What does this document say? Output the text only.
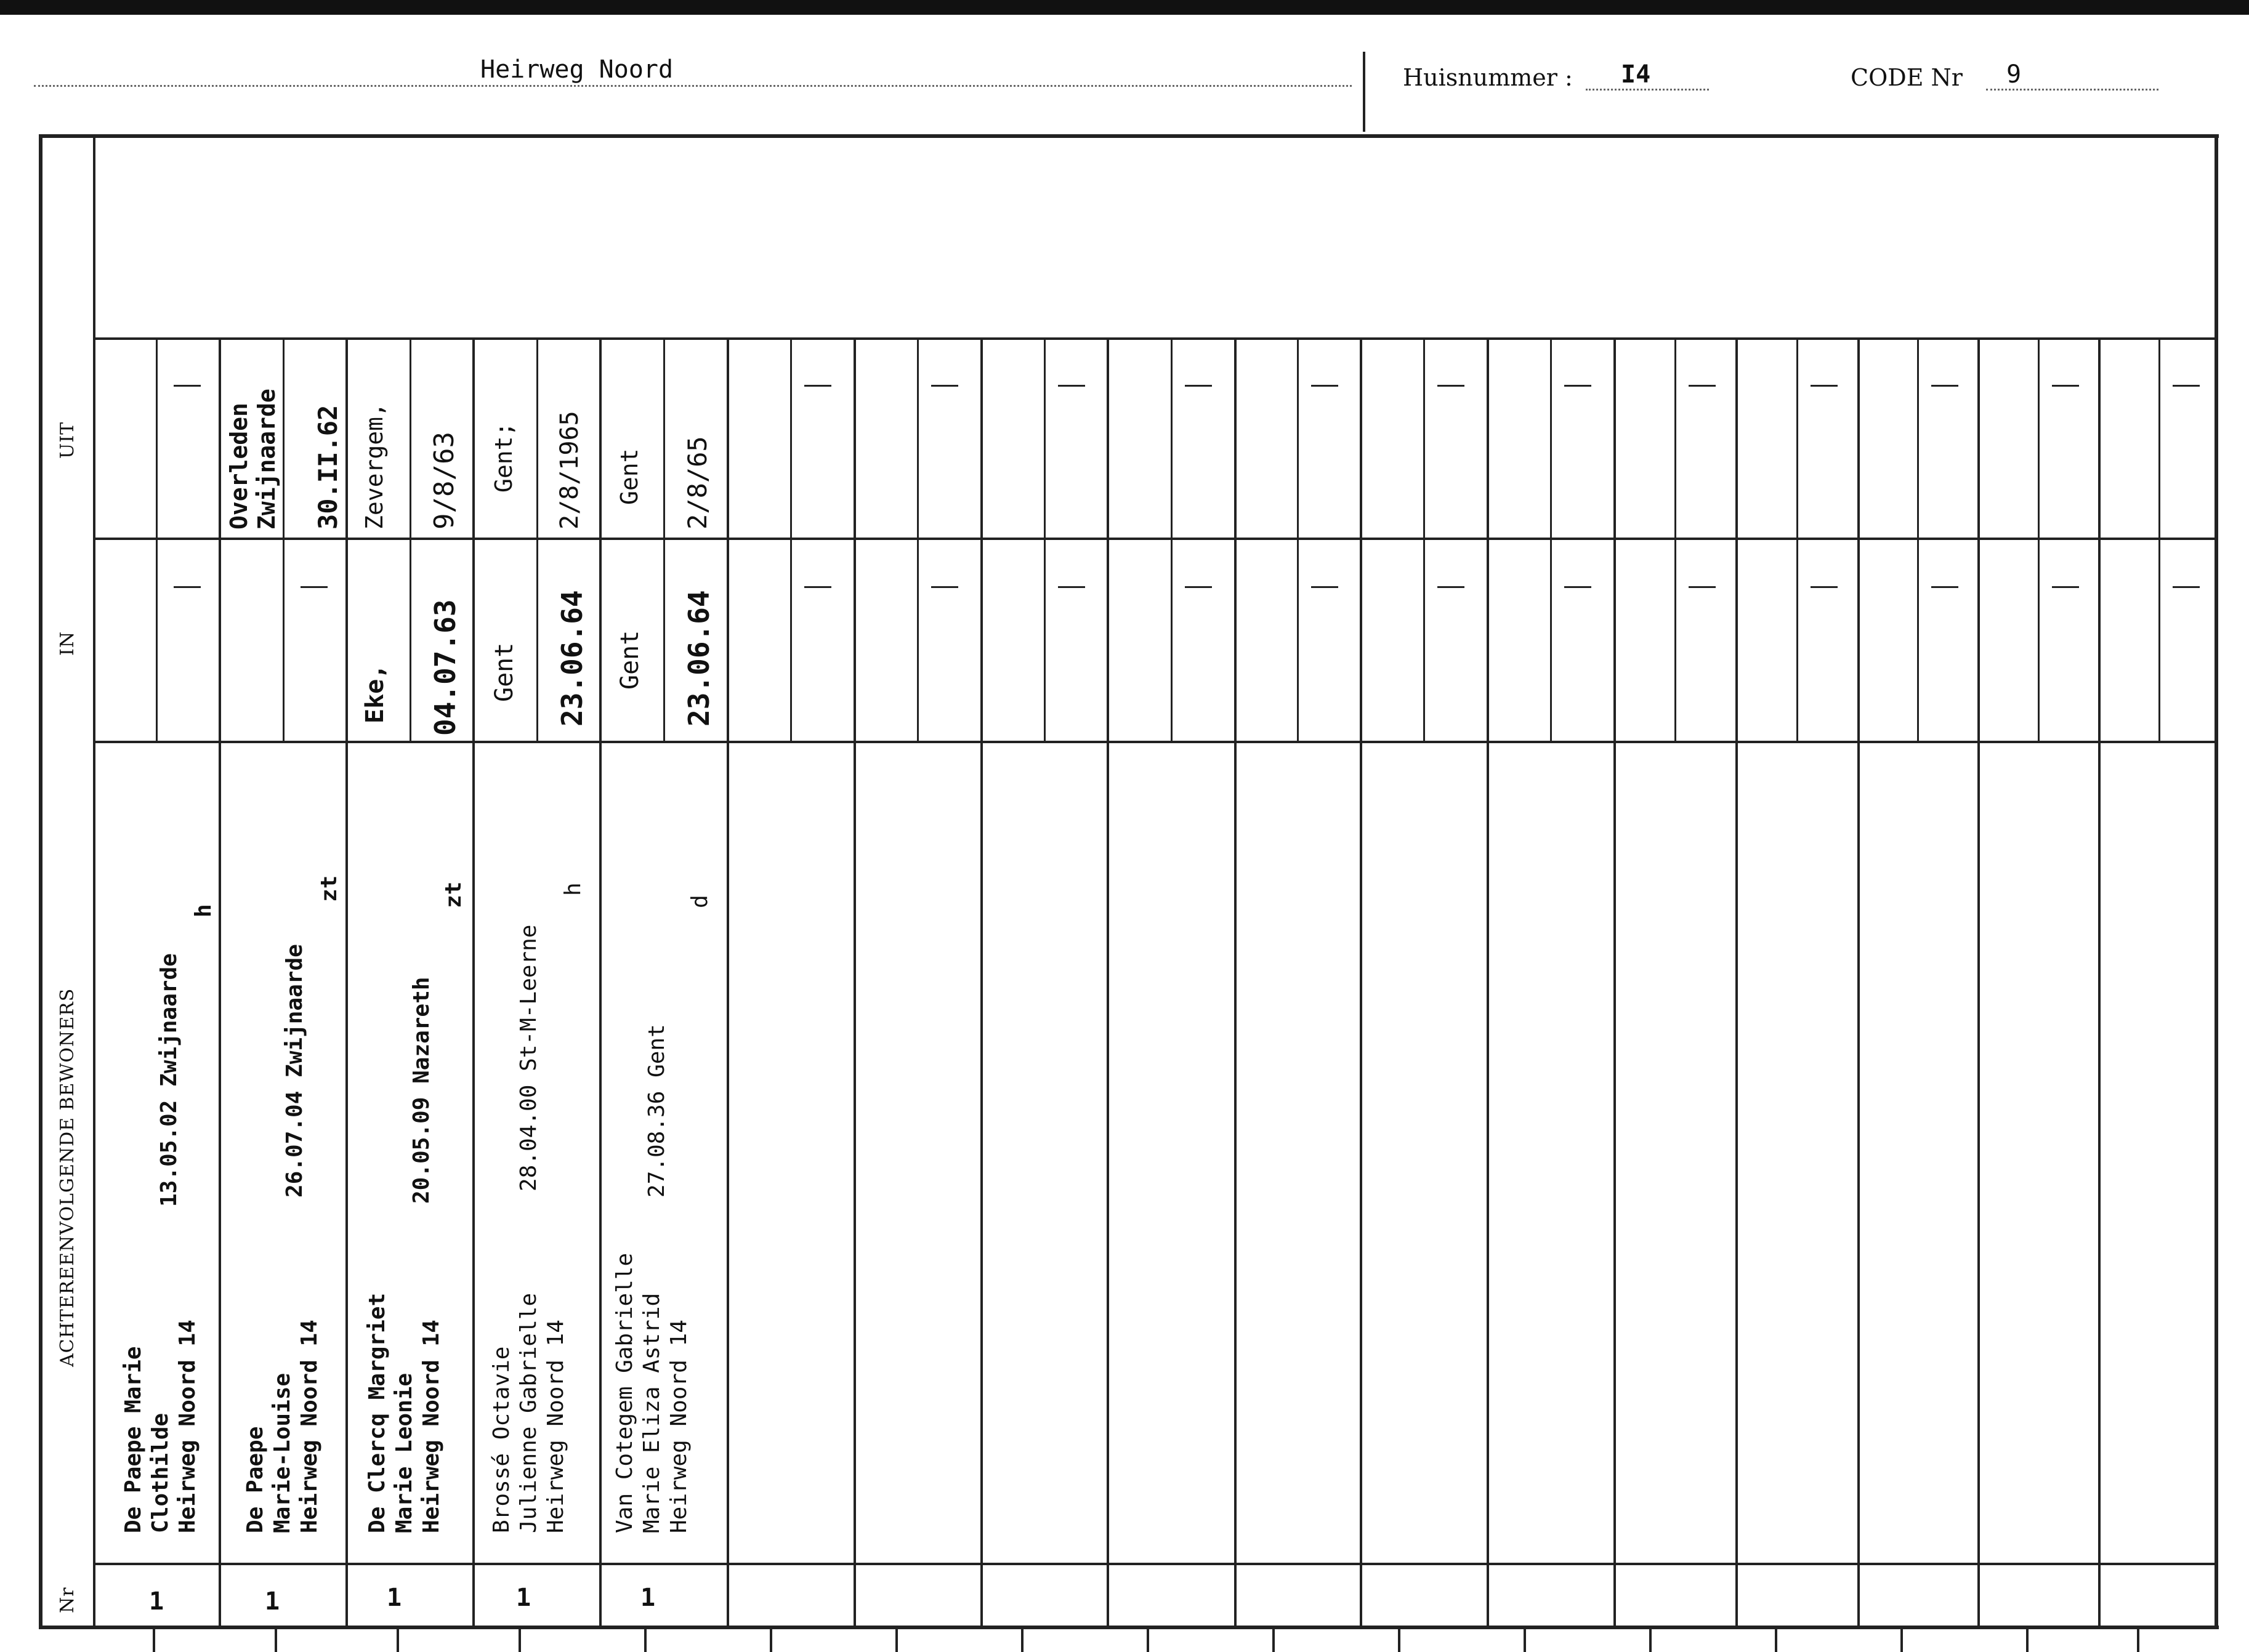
Heirweg Noord	Huisnummer : I4	CODE Nr 9
UIT
IN
ACHTEREENVOLGENDE BEWONERS
Nr
De Paepe Marie Clothilde Heirweg Noord 14
13.05.02 Zwijnaarde
h
1
De Paepe Marie-Louise Heirweg Noord 14
26.07.04 Zwijnaarde
zt
Overleden
Zwijnaarde 30.II.62
1
De Clercq Margriet Marie Leonie Heirweg Noord 14
20.05.09 Nazareth
zt
Eke, 04.07.63
Zevergem, 9/8/63
1
Brossé Octavie Julienne Gabrielle Heirweg Noord 14
28.04.00 St-M-Leerne
h
Gent 23.06.64
Gent; 2/8/1965
1
Van Cotegem Gabrielle Marie Eliza Astrid Heirweg Noord 14
27.08.36 Gent
d
Gent 23.06.64
Gent 2/8/65
1
